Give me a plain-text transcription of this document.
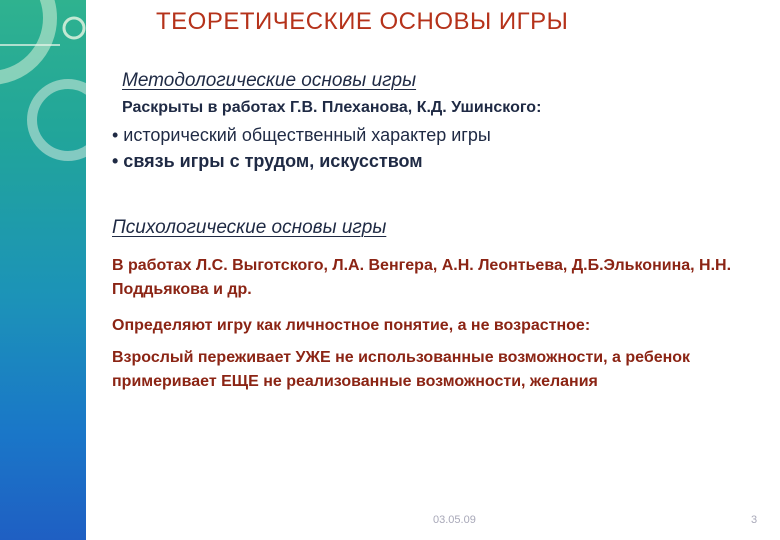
ТЕОРЕТИЧЕСКИЕ ОСНОВЫ ИГРЫ
Методологические основы игры
Раскрыты в работах Г.В. Плеханова, К.Д. Ушинского:
• исторический общественный характер игры
• связь игры с трудом, искусством
Психологические основы игры
В работах Л.С. Выготского, Л.А. Венгера, А.Н. Леонтьева, Д.Б.Эльконина, Н.Н. Поддьякова и др.
Определяют игру как личностное понятие, а не возрастное:
Взрослый переживает УЖЕ не использованные возможности, а ребенок примеривает ЕЩЕ не реализованные возможности, желания
03.05.09	3
